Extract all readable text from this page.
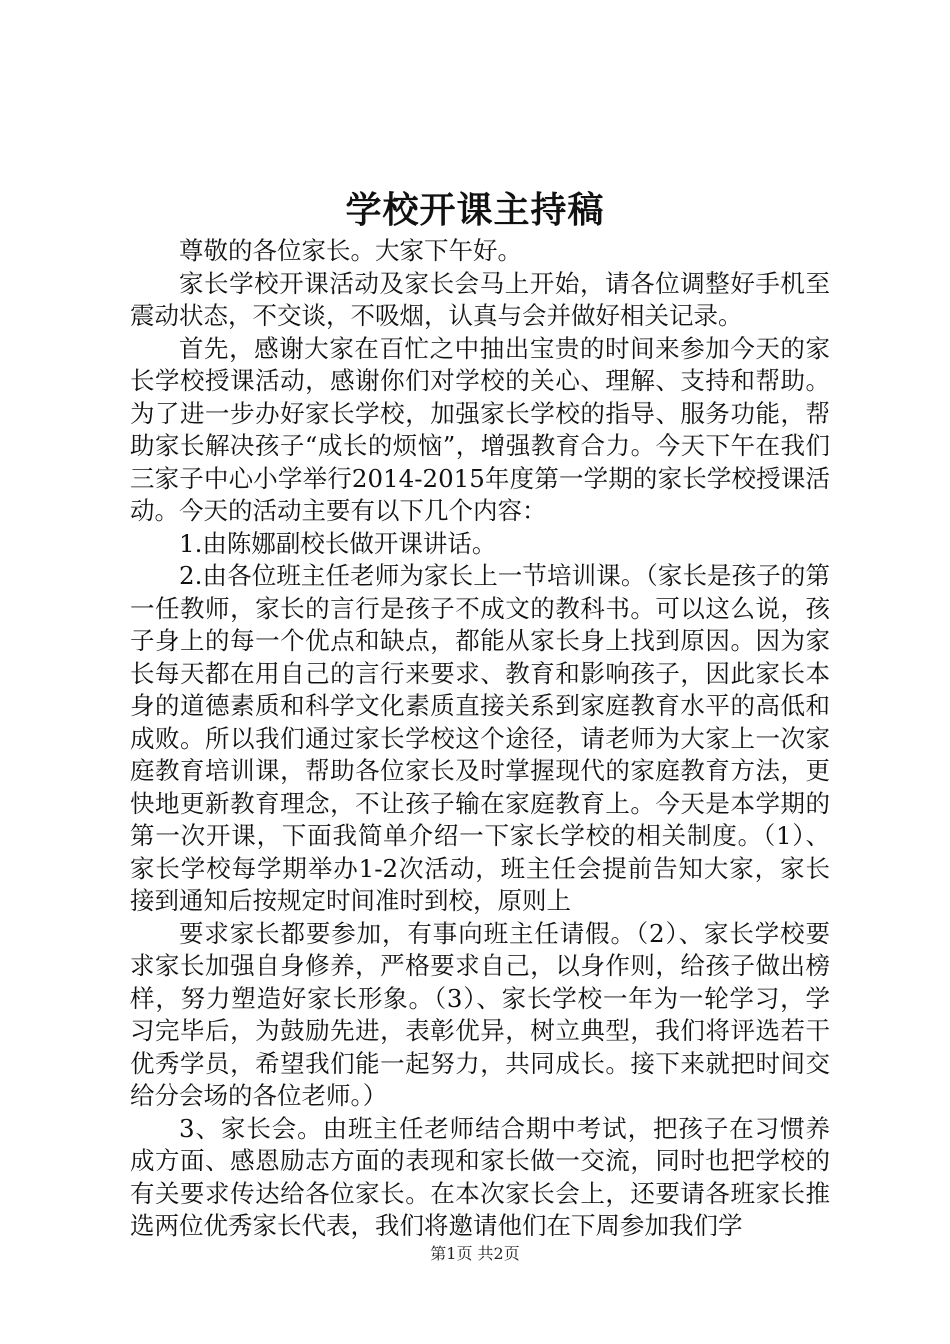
学校开课主持稿

尊敬的各位家长。大家下午好。

家长学校开课活动及家长会马上开始，请各位调整好手机至震动状态，不交谈，不吸烟，认真与会并做好相关记录。

首先，感谢大家在百忙之中抽出宝贵的时间来参加今天的家长学校授课活动，感谢你们对学校的关心、理解、支持和帮助。为了进一步办好家长学校，加强家长学校的指导、服务功能，帮助家长解决孩子“成长的烦恼”，增强教育合力。今天下午在我们三家子中心小学举行2014-2015年度第一学期的家长学校授课活动。今天的活动主要有以下几个内容：

1.由陈娜副校长做开课讲话。

2.由各位班主任老师为家长上一节培训课。（家长是孩子的第一任教师，家长的言行是孩子不成文的教科书。可以这么说，孩子身上的每一个优点和缺点，都能从家长身上找到原因。因为家长每天都在用自己的言行来要求、教育和影响孩子，因此家长本身的道德素质和科学文化素质直接关系到家庭教育水平的高低和成败。所以我们通过家长学校这个途径，请老师为大家上一次家庭教育培训课，帮助各位家长及时掌握现代的家庭教育方法，更快地更新教育理念，不让孩子输在家庭教育上。今天是本学期的第一次开课，下面我简单介绍一下家长学校的相关制度。（1）、家长学校每学期举办1-2次活动，班主任会提前告知大家，家长接到通知后按规定时间准时到校，原则上

要求家长都要参加，有事向班主任请假。（2）、家长学校要求家长加强自身修养，严格要求自己，以身作则，给孩子做出榜样，努力塑造好家长形象。（3）、家长学校一年为一轮学习，学习完毕后，为鼓励先进，表彰优异，树立典型，我们将评选若干优秀学员，希望我们能一起努力，共同成长。接下来就把时间交给分会场的各位老师。）

3、家长会。由班主任老师结合期中考试，把孩子在习惯养成方面、感恩励志方面的表现和家长做一交流，同时也把学校的有关要求传达给各位家长。在本次家长会上，还要请各班家长推选两位优秀家长代表，我们将邀请他们在下周参加我们学

第1页 共2页
